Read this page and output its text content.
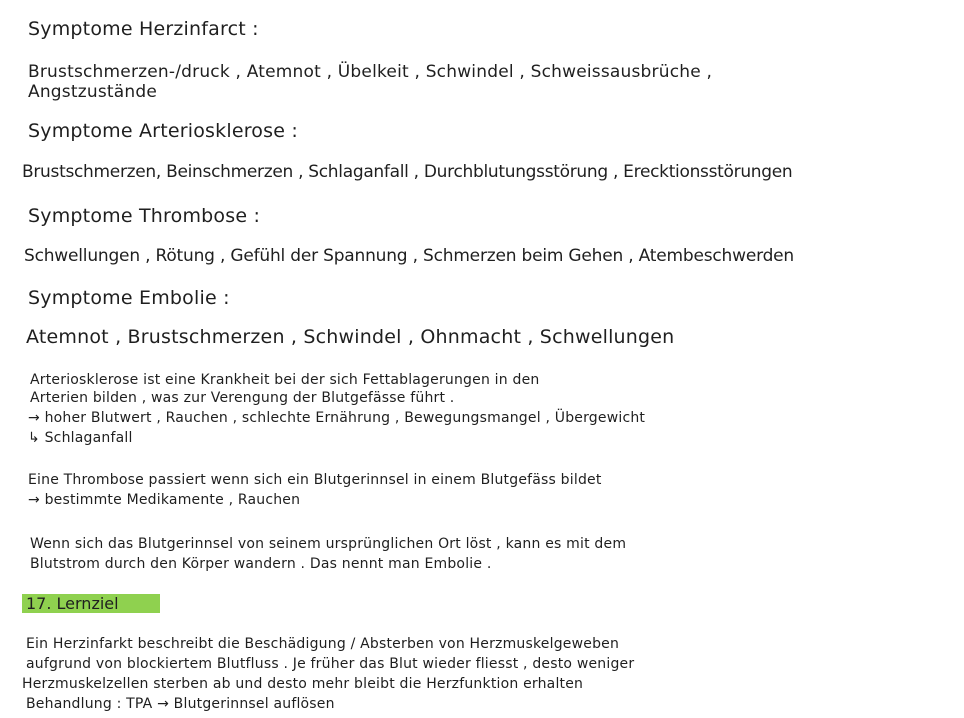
Symptome Herzinfarct :
Brustschmerzen-/druck , Atemnot , Übelkeit , Schwindel , Schweissausbrüche ,
Angstzustände
Symptome Arteriosklerose :
Brustschmerzen, Beinschmerzen , Schlaganfall , Durchblutungsstörung , Erecktionsstörungen
Symptome Thrombose :
Schwellungen , Rötung , Gefühl der Spannung , Schmerzen beim Gehen , Atembeschwerden
Symptome Embolie :
Atemnot , Brustschmerzen , Schwindel , Ohnmacht , Schwellungen
Arteriosklerose ist eine Krankheit bei der sich Fettablagerungen in den
Arterien bilden , was zur Verengung der Blutgefässe führt .
→ hoher Blutwert , Rauchen , schlechte Ernährung , Bewegungsmangel , Übergewicht
↳ Schlaganfall
Eine Thrombose passiert wenn sich ein Blutgerinnsel in einem Blutgefäss bildet
→ bestimmte Medikamente , Rauchen
Wenn sich das Blutgerinnsel von seinem ursprünglichen Ort löst , kann es mit dem
Blutstrom durch den Körper wandern . Das nennt man Embolie .
17. Lernziel
Ein Herzinfarkt beschreibt die Beschädigung / Absterben von Herzmuskelgeweben
aufgrund von blockiertem Blutfluss . Je früher das Blut wieder fliesst , desto weniger
Herzmuskelzellen sterben ab und desto mehr bleibt die Herzfunktion erhalten
Behandlung : TPA → Blutgerinnsel auflösen
